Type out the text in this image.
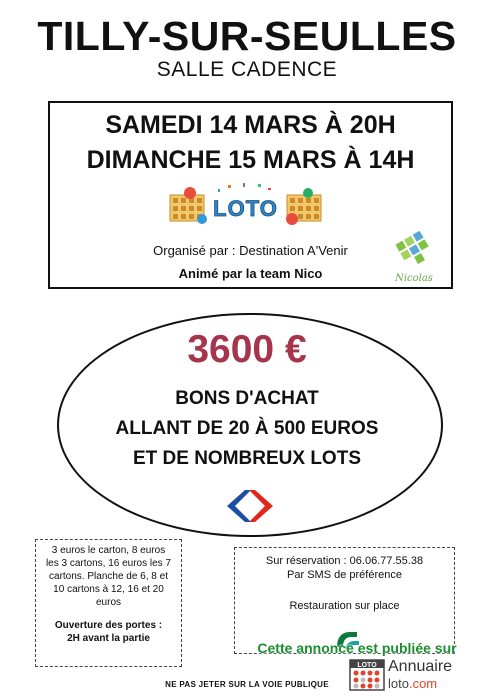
TILLY-SUR-SEULLES
SALLE CADENCE
SAMEDI 14 MARS À 20H
DIMANCHE 15 MARS À 14H
LOTO
Organisé par : Destination A'Venir
Animé par la team Nico	Nicolas
3600 €
BONS D'ACHAT
ALLANT DE 20 À 500 EUROS
ET DE NOMBREUX LOTS
3 euros le carton, 8 euros
les 3 cartons, 16 euros les 7
cartons. Planche de 6, 8 et
10 cartons à 12, 16 et 20
euros
Ouverture des portes :
2H avant la partie
Sur réservation : 06.06.77.55.38
Par SMS de préférence
Restauration sur place
Cette annonce est publiée sur
LOTO Annuaire
loto.com
NE PAS JETER SUR LA VOIE PUBLIQUE
